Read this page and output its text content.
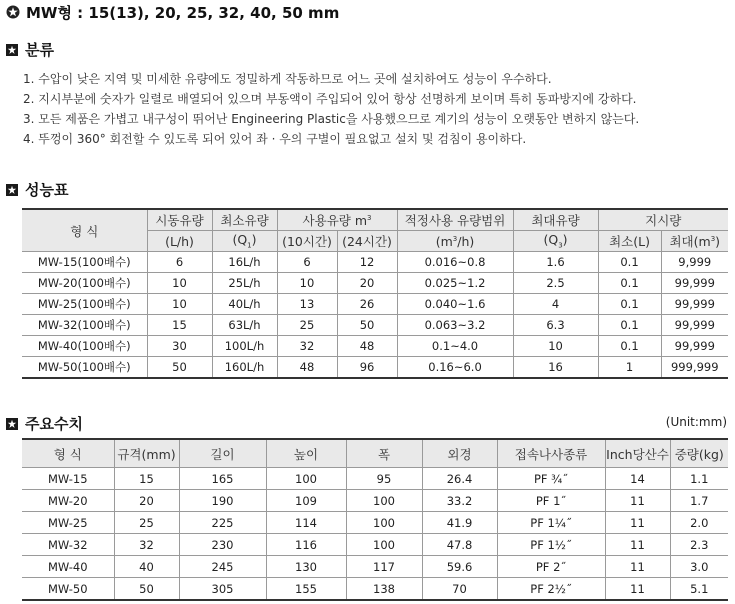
MW형 : 15(13), 20, 25, 32, 40, 50 mm
분류
1. 수압이 낮은 지역 및 미세한 유량에도 정밀하게 작동하므로 어느 곳에 설치하여도 성능이 우수하다.
2. 지시부분에 숫자가 일렬로 배열되어 있으며 부동액이 주입되어 있어 항상 선명하게 보이며 특히 동파방지에 강하다.
3. 모든 제품은 가볍고 내구성이 뛰어난 Engineering Plastic을 사용했으므로 계기의 성능이 오랫동안 변하지 않는다.
4. 뚜껑이 360° 회전할 수 있도록 되어 있어 좌 · 우의 구별이 필요없고 설치 및 검침이 용이하다.
성능표
형 식	시동유량	최소유량	사용유량 $m^3$		적정사용 유량범위	최대유량	지시량	
	(L/h)	$(Q_1)$	(10시간)	(24시간)	$(m^3/h)$	$(Q_3)$	최소(L)	최대$(m^3)$
MW-15(100배수)	6	16L/h	6	12	0.016~0.8	1.6	0.1	9,999
MW-20(100배수)	10	25L/h	10	20	0.025~1.2	2.5	0.1	99,999
MW-25(100배수)	10	40L/h	13	26	0.040~1.6	4	0.1	99,999
MW-32(100배수)	15	63L/h	25	50	0.063~3.2	6.3	0.1	99,999
MW-40(100배수)	30	100L/h	32	48	0.1~4.0	10	0.1	99,999
MW-50(100배수)	50	160L/h	48	96	0.16~6.0	16	1	999,999
주요수치	(Unit:mm)
형 식	규격(mm)	길이	높이	폭	외경	접속나사종류	Inch당산수	중량(kg)
MW-15	15	165	100	95	26.4	PF ¾˝	14	1.1
MW-20	20	190	109	100	33.2	PF 1˝	11	1.7
MW-25	25	225	114	100	41.9	PF 1¼˝	11	2.0
MW-32	32	230	116	100	47.8	PF 1½˝	11	2.3
MW-40	40	245	130	117	59.6	PF 2˝	11	3.0
MW-50	50	305	155	138	70	PF 2½˝	11	5.1
